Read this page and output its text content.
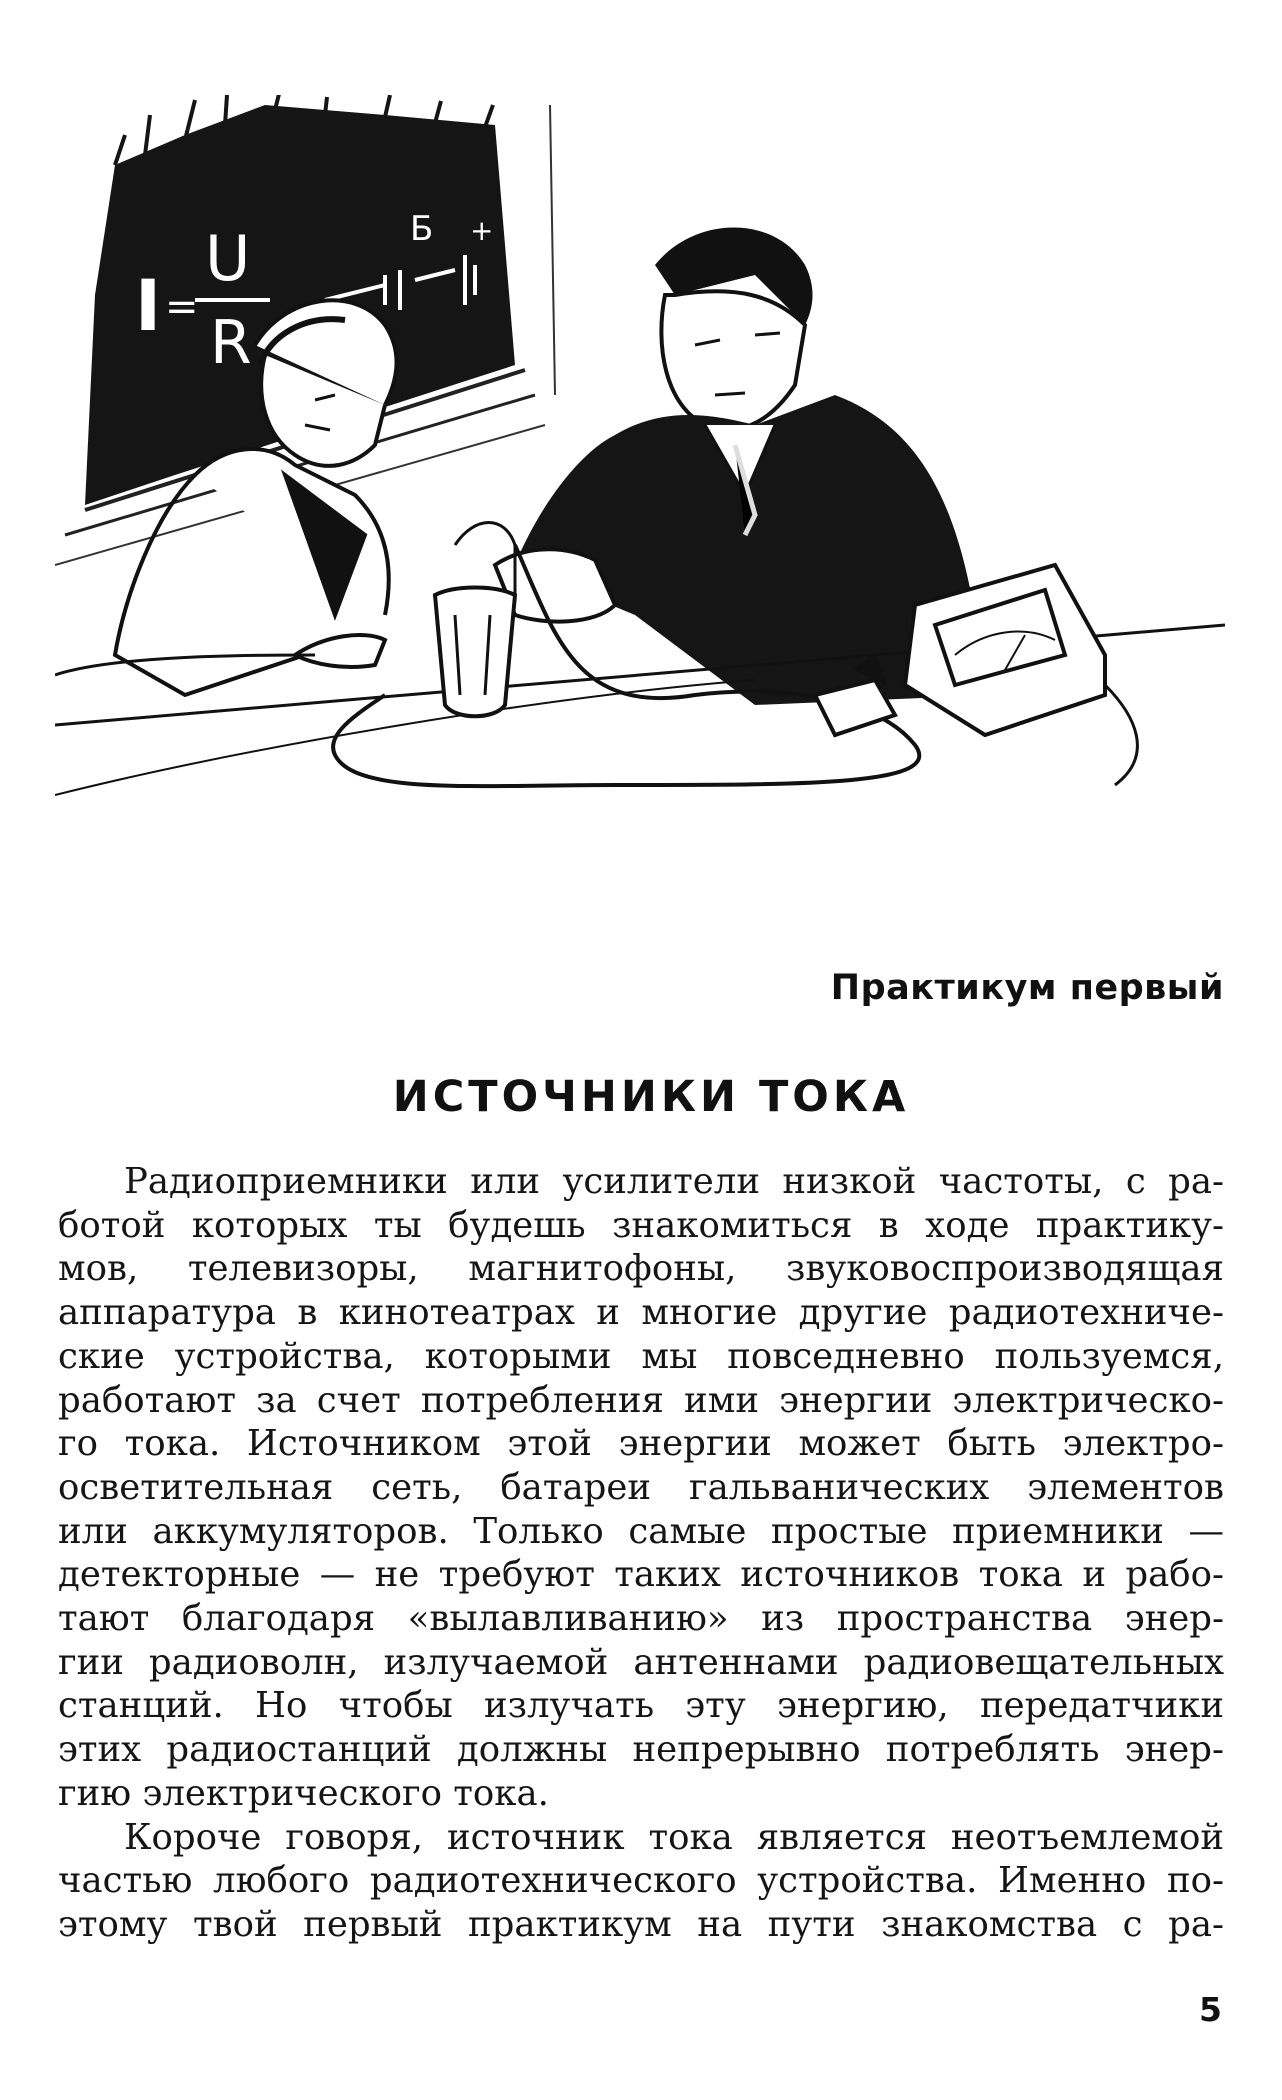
I =
U
R
Б +
Практикум первый
ИСТОЧНИКИ ТОКА
Радиоприемники или усилители низкой частоты, с ра-
ботой которых ты будешь знакомиться в ходе практику-
мов, телевизоры, магнитофоны, звуковоспроизводящая
аппаратура в кинотеатрах и многие другие радиотехниче-
ские устройства, которыми мы повседневно пользуемся,
работают за счет потребления ими энергии электрическо-
го тока. Источником этой энергии может быть электро-
осветительная сеть, батареи гальванических элементов
или аккумуляторов. Только самые простые приемники —
детекторные — не требуют таких источников тока и рабо-
тают благодаря «вылавливанию» из пространства энер-
гии радиоволн, излучаемой антеннами радиовещательных
станций. Но чтобы излучать эту энергию, передатчики
этих радиостанций должны непрерывно потреблять энер-
гию электрического тока.
Короче говоря, источник тока является неотъемлемой
частью любого радиотехнического устройства. Именно по-
этому твой первый практикум на пути знакомства с ра-
5
